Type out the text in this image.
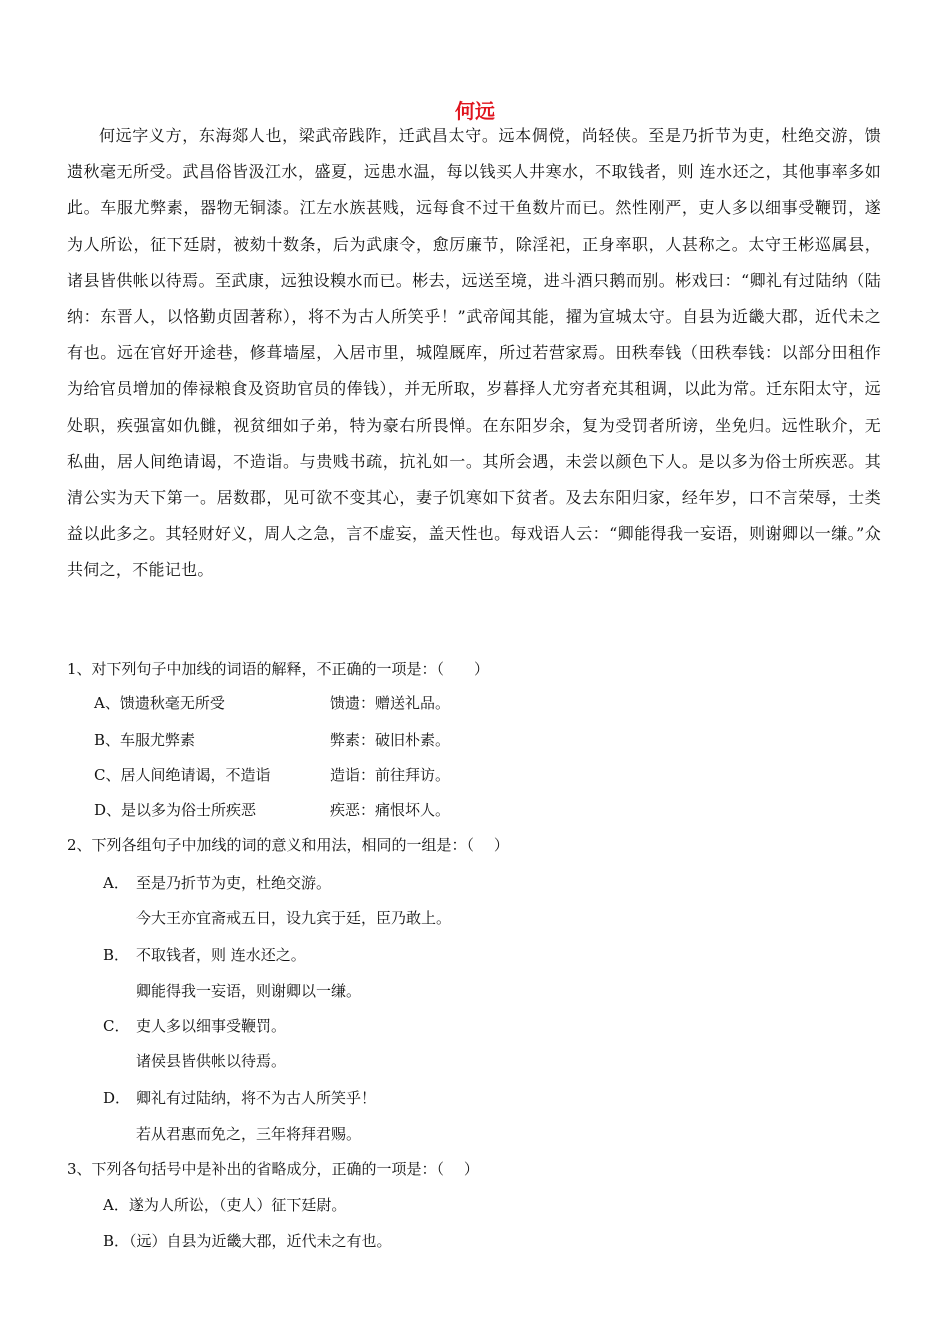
何远

何远字义方，东海郯人也，梁武帝践阼，迁武昌太守。远本倜傥，尚轻侠。至是乃折节为吏，杜绝交游，馈遗秋毫无所受。武昌俗皆汲江水，盛夏，远患水温，每以钱买人井寒水，不取钱者，则 连水还之，其他事率多如此。车服尤弊素，器物无铜漆。江左水族甚贱，远每食不过干鱼数片而已。然性刚严，吏人多以细事受鞭罚，遂为人所讼，征下廷尉，被劾十数条，后为武康令，愈厉廉节，除淫祀，正身率职，人甚称之。太守王彬巡属县，诸县皆供帐以待焉。至武康，远独设糗水而已。彬去，远送至境，进斗酒只鹅而别。彬戏曰：“卿礼有过陆纳（陆纳：东晋人，以恪勤贞固著称），将不为古人所笑乎！”武帝闻其能，擢为宣城太守。自县为近畿大郡，近代未之有也。远在官好开途巷，修葺墙屋，入居市里，城隍厩库，所过若营家焉。田秩奉钱（田秩奉钱：以部分田租作为给官员增加的俸禄粮食及资助官员的俸钱），并无所取，岁暮择人尤穷者充其租调，以此为常。迁东阳太守，远处职，疾强富如仇雠，视贫细如子弟，特为豪右所畏惮。在东阳岁余，复为受罚者所谤，坐免归。远性耿介，无私曲，居人间绝请谒，不造诣。与贵贱书疏，抗礼如一。其所会遇，未尝以颜色下人。是以多为俗士所疾恶。其清公实为天下第一。居数郡，见可欲不变其心，妻子饥寒如下贫者。及去东阳归家，经年岁，口不言荣辱，士类益以此多之。其轻财好义，周人之急，言不虚妄，盖天性也。每戏语人云：“卿能得我一妄语，则谢卿以一缣。”众共伺之，不能记也。

1、对下列句子中加线的词语的解释，不正确的一项是：（　　）
A、馈遗秋毫无所受	馈遗：赠送礼品。
B、车服尤弊素	弊素：破旧朴素。
C、居人间绝请谒，不造诣	造诣：前往拜访。
D、是以多为俗士所疾恶	疾恶：痛恨坏人。
2、下列各组句子中加线的词的意义和用法，相同的一组是：（　 ）
A． 至是乃折节为吏，杜绝交游。
今大王亦宜斋戒五日，设九宾于廷，臣乃敢上。
B． 不取钱者，则 连水还之。
卿能得我一妄语，则谢卿以一缣。
C． 吏人多以细事受鞭罚。
诸侯县皆供帐以待焉。
D． 卿礼有过陆纳，将不为古人所笑乎！
若从君惠而免之，三年将拜君赐。
3、下列各句括号中是补出的省略成分，正确的一项是：（　 ）
A．遂为人所讼，（吏人）征下廷尉。
B．（远）自县为近畿大郡，近代未之有也。
